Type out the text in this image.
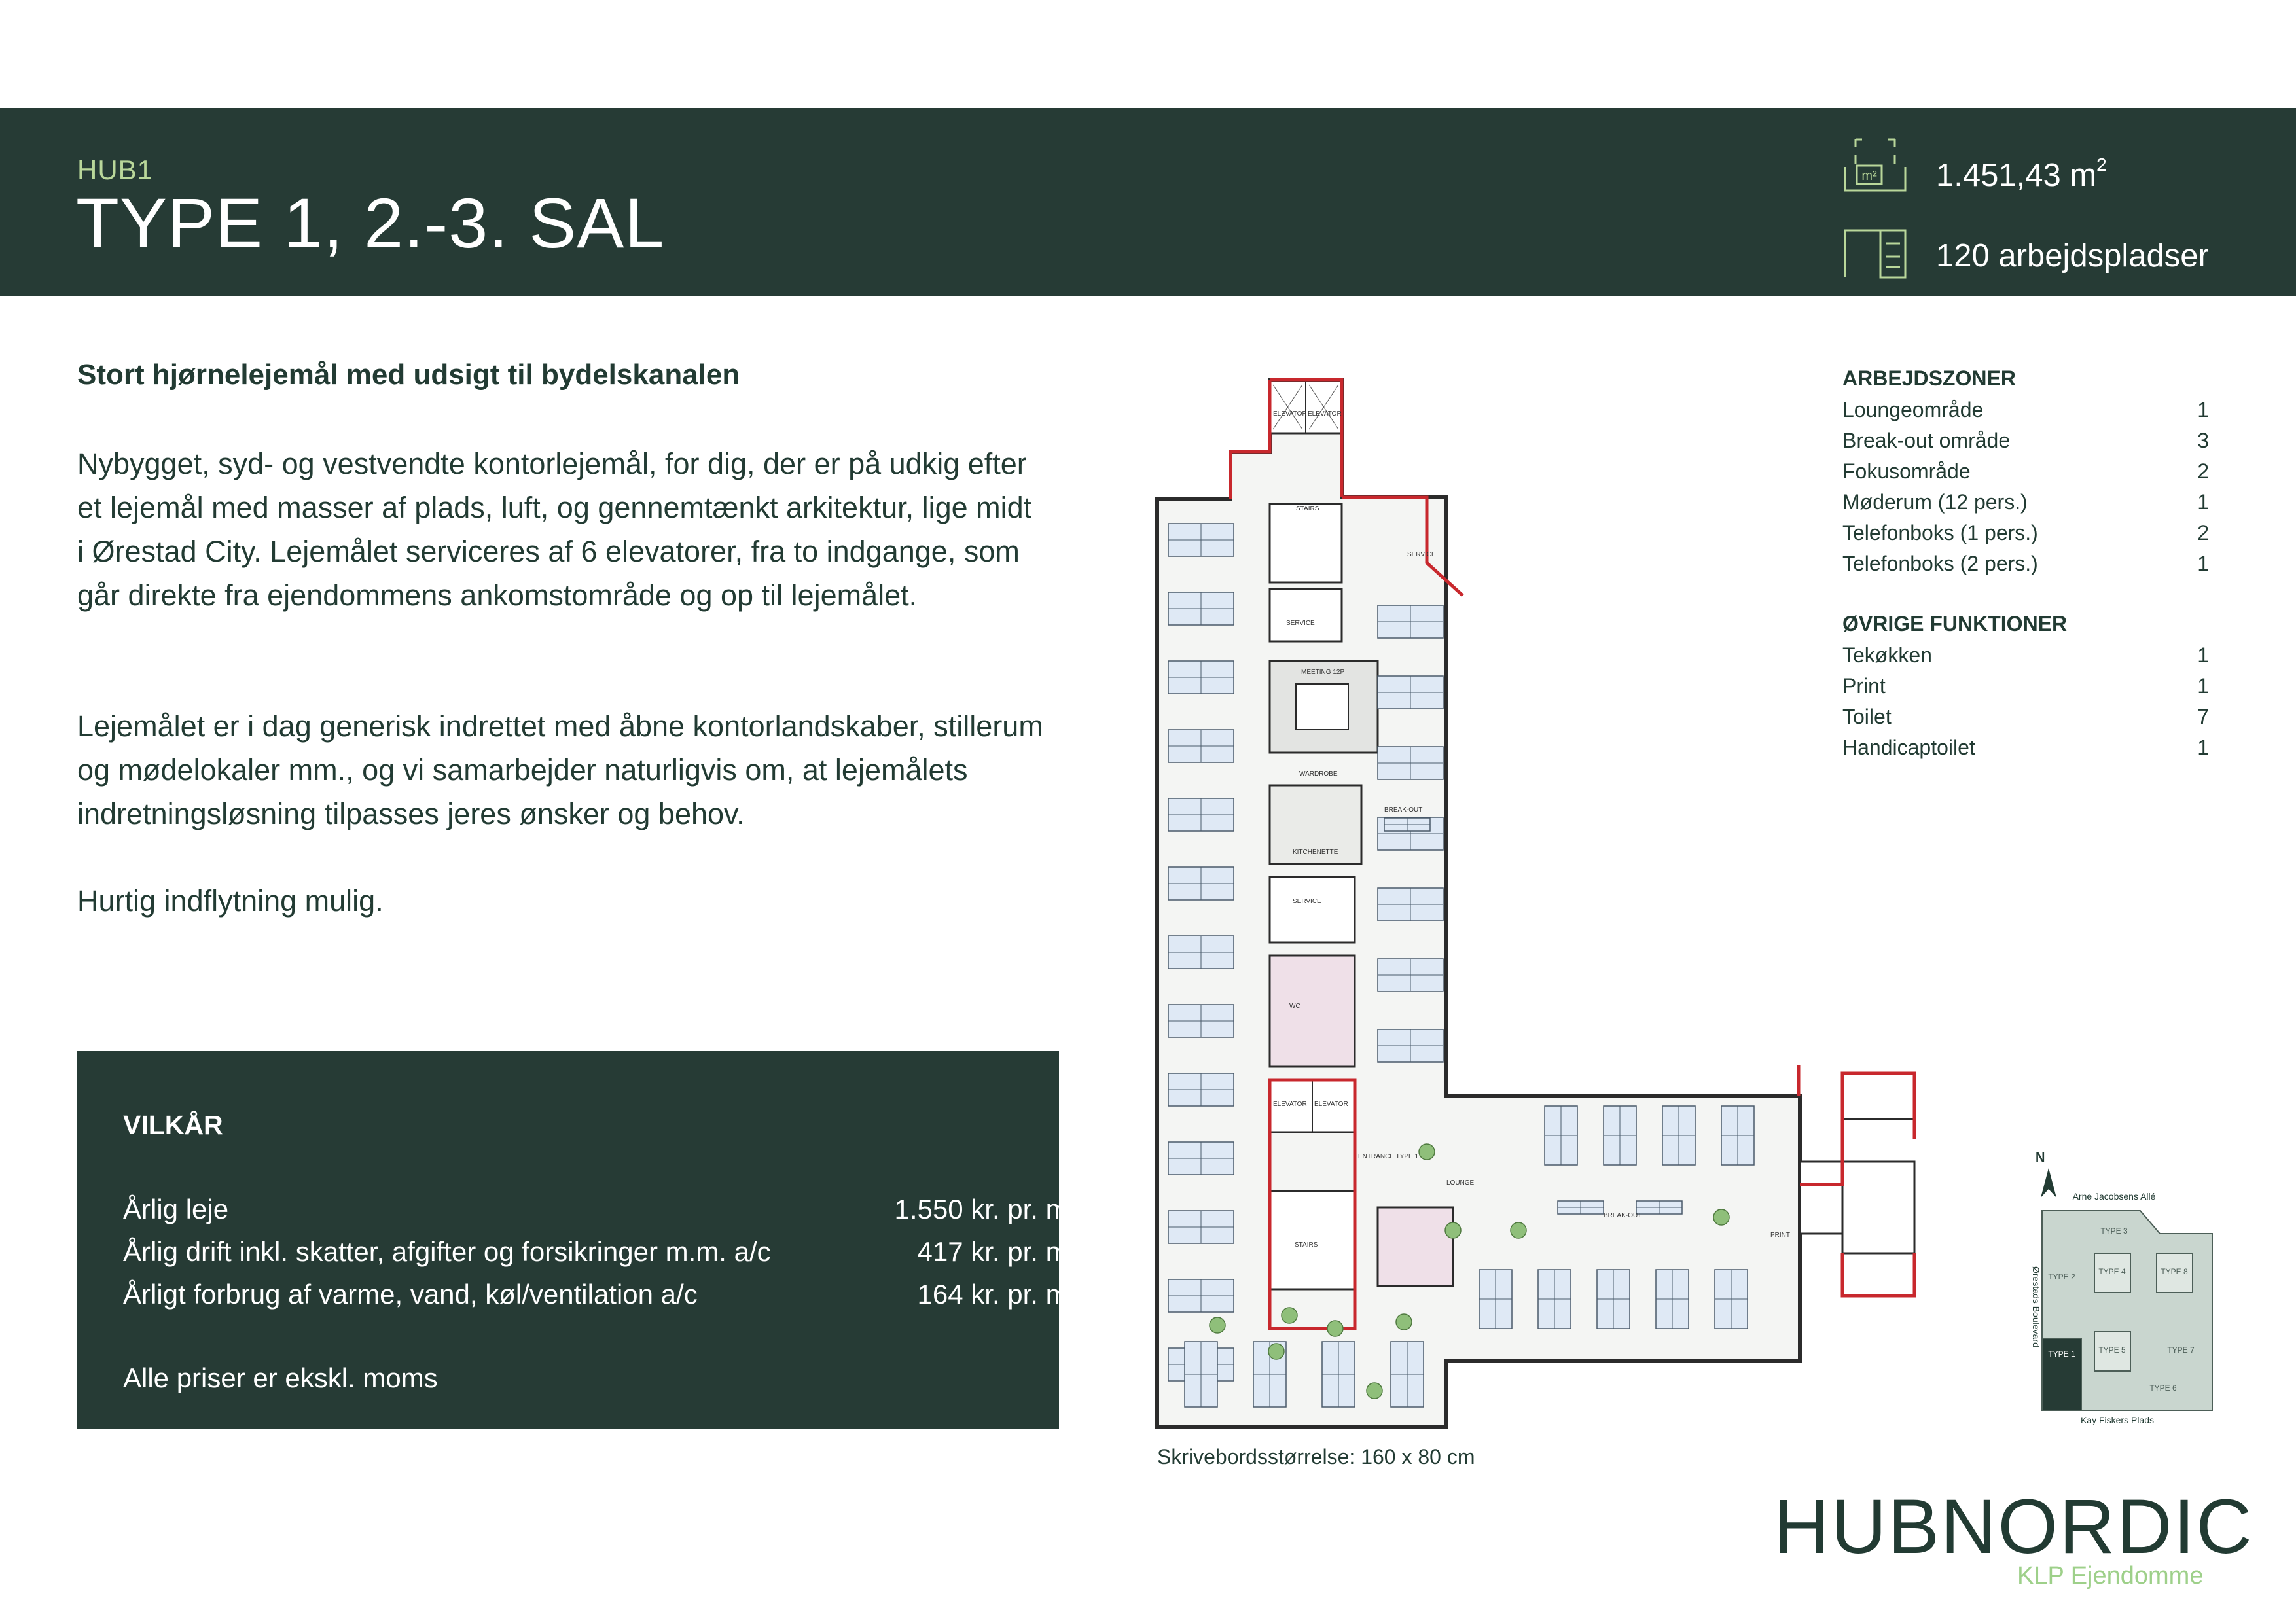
HUB1
TYPE 1, 2.-3. SAL
m² 1.451,43 $m^2$
120 arbejdspladser
Stort hjørnelejemål med udsigt til bydelskanalen
Nybygget, syd- og vestvendte kontorlejemål, for dig, der er på udkig efter et lejemål med masser af plads, luft, og gennemtænkt arkitektur, lige midt i Ørestad City. Lejemålet serviceres af 6 elevatorer, fra to indgange, som går direkte fra ejendommens ankomstområde og op til lejemålet.
Lejemålet er i dag generisk indrettet med åbne kontorlandskaber, stillerum og mødelokaler mm., og vi samarbejder naturligvis om, at lejemålets indretningsløsning tilpasses jeres ønsker og behov.
Hurtig indflytning mulig.
VILKÅR
Årlig leje	1.550 kr. pr. $m^2$
Årlig drift inkl. skatter, afgifter og forsikringer m.m. a/c	417 kr. pr. $m^2$
Årligt forbrug af varme, vand, køl/ventilation a/c	164 kr. pr. $m^2$
Alle priser er ekskl. moms
ELEVATOR ELEVATOR
STAIRS
SERVICE
SERVICE
MEETING 12P
WARDROBE
KITCHENETTE
SERVICE
WC
BREAK-OUT
ENTRANCE TYPE 1
LOUNGE
BREAK-OUT
PRINT
STAIRS
ELEVATOR ELEVATOR
Skrivebordsstørrelse: 160 x 80 cm
ARBEJDSZONER
Loungeområde	1
Break-out område	3
Fokusområde	2
Møderum (12 pers.)	1
Telefonboks (1 pers.)	2
Telefonboks (2 pers.)	1
ØVRIGE FUNKTIONER
Tekøkken	1
Print	1
Toilet	7
Handicaptoilet	1
N
Arne Jacobsens Allé
Kay Fiskers Plads
Ørestads Boulevard
TYPE 1
TYPE 2
TYPE 3
TYPE 4
TYPE 5
TYPE 6
TYPE 7
TYPE 8
HUBNORDIC
KLP Ejendomme
